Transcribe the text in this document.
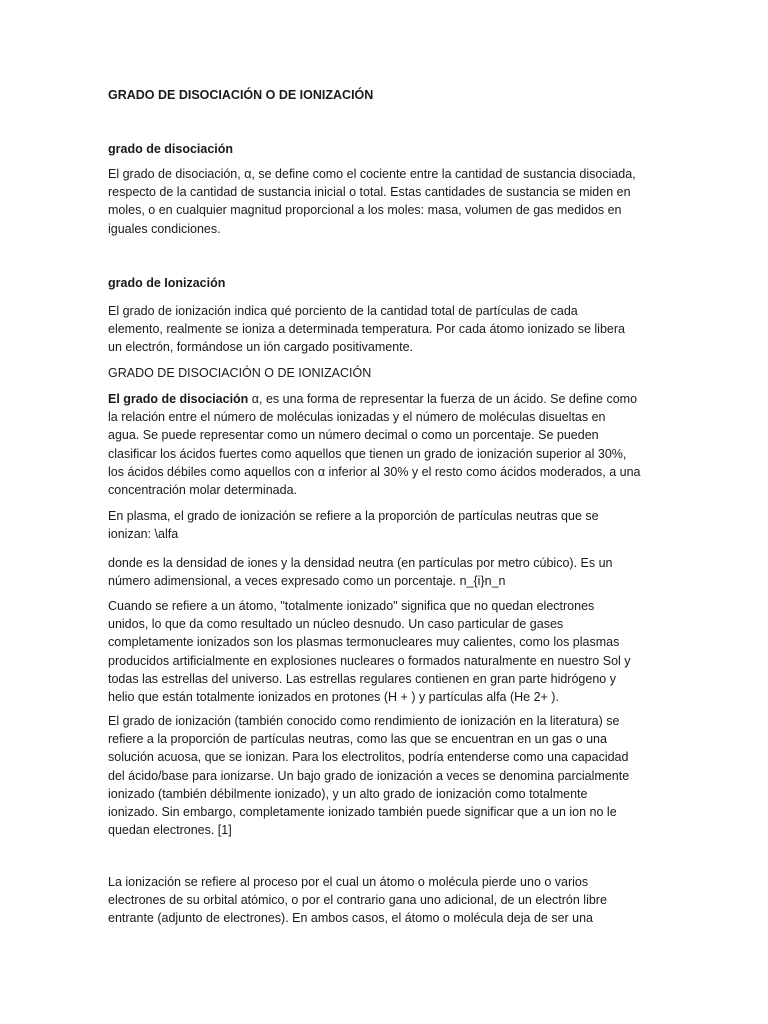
GRADO DE DISOCIACIÓN O DE IONIZACIÓN
grado de disociación
El grado de disociación, α, se define como el cociente entre la cantidad de sustancia disociada,
respecto de la cantidad de sustancia inicial o total. Estas cantidades de sustancia se miden en
moles, o en cualquier magnitud proporcional a los moles: masa, volumen de gas medidos en
iguales condiciones.
grado de Ionización
El grado de ionización indica qué porciento de la cantidad total de partículas de cada
elemento, realmente se ioniza a determinada temperatura. Por cada átomo ionizado se libera
un electrón, formándose un ión cargado positivamente.
GRADO DE DISOCIACIÓN O DE IONIZACIÓN
El grado de disociación α, es una forma de representar la fuerza de un ácido. Se define como
la relación entre el número de moléculas ionizadas y el número de moléculas disueltas en
agua. Se puede representar como un número decimal o como un porcentaje. Se pueden
clasificar los ácidos fuertes como aquellos que tienen un grado de ionización superior al 30%,
los ácidos débiles como aquellos con α inferior al 30% y el resto como ácidos moderados, a una
concentración molar determinada.
En plasma, el grado de ionización se refiere a la proporción de partículas neutras que se
ionizan: \alfa
donde es la densidad de iones y la densidad neutra (en partículas por metro cúbico). Es un
número adimensional, a veces expresado como un porcentaje. n_{i}n_n
Cuando se refiere a un átomo, "totalmente ionizado" significa que no quedan electrones
unidos, lo que da como resultado un núcleo desnudo. Un caso particular de gases
completamente ionizados son los plasmas termonucleares muy calientes, como los plasmas
producidos artificialmente en explosiones nucleares o formados naturalmente en nuestro Sol y
todas las estrellas del universo. Las estrellas regulares contienen en gran parte hidrógeno y
helio que están totalmente ionizados en protones (H + ) y partículas alfa (He 2+ ).
El grado de ionización (también conocido como rendimiento de ionización en la literatura) se
refiere a la proporción de partículas neutras, como las que se encuentran en un gas o una
solución acuosa, que se ionizan. Para los electrolitos, podría entenderse como una capacidad
del ácido/base para ionizarse. Un bajo grado de ionización a veces se denomina parcialmente
ionizado (también débilmente ionizado), y un alto grado de ionización como totalmente
ionizado. Sin embargo, completamente ionizado también puede significar que a un ion no le
quedan electrones. [1]
La ionización se refiere al proceso por el cual un átomo o molécula pierde uno o varios
electrones de su orbital atómico, o por el contrario gana uno adicional, de un electrón libre
entrante (adjunto de electrones). En ambos casos, el átomo o molécula deja de ser una
